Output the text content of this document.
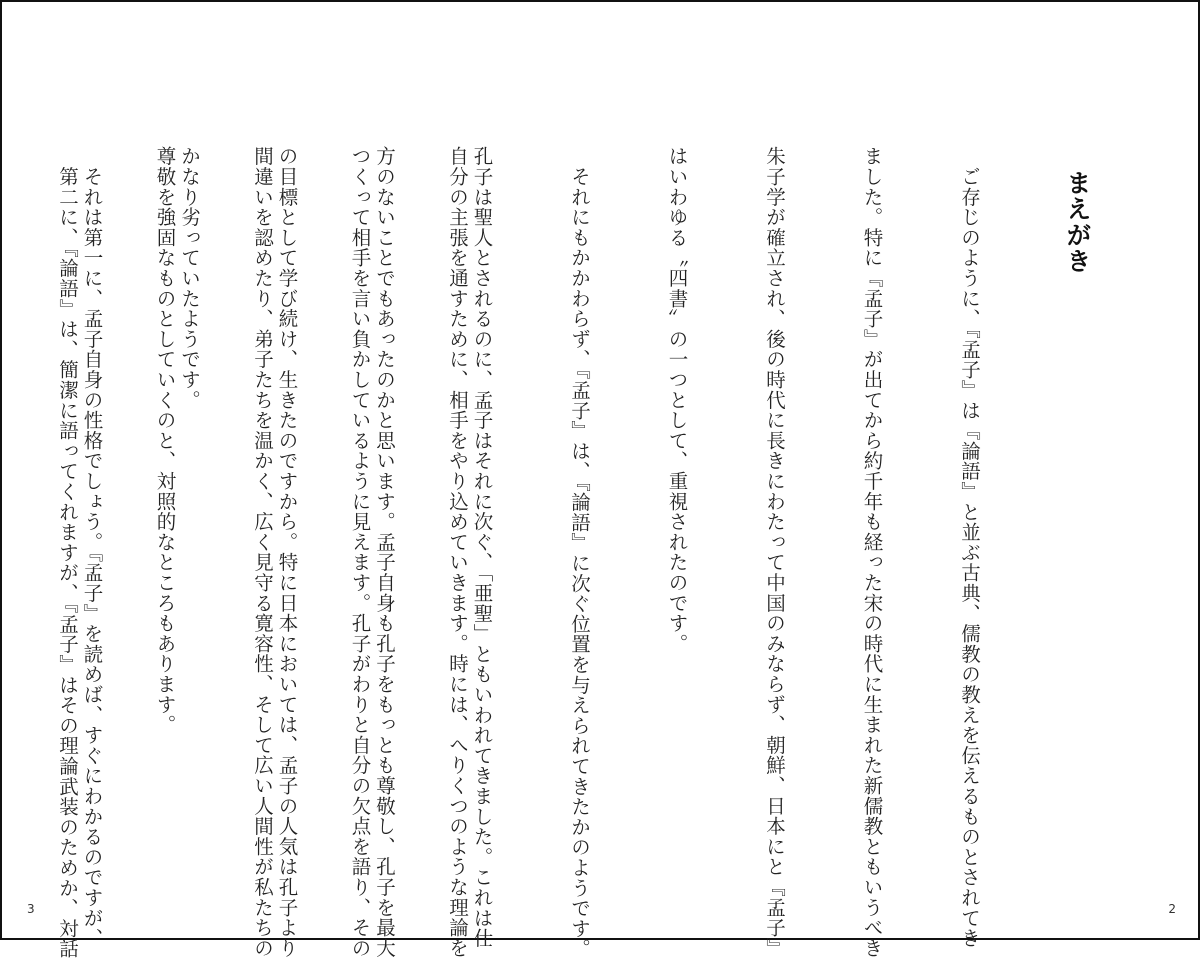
まえがき

　ご存じのように、『孟子』は『論語』と並ぶ古典、儒教の教えを伝えるものとされてき

ました。特に『孟子』が出てから約千年も経った宋の時代に生まれた新儒教ともいうべき

朱子学が確立され、後の時代に長きにわたって中国のみならず、朝鮮、日本にと『孟子』

はいわゆる〝四書〟の一つとして、重視されたのです。

　それにもかかわらず、『孟子』は、『論語』に次ぐ位置を与えられてきたかのようです。

孔子は聖人とされるのに、孟子はそれに次ぐ、「亜聖」ともいわれてきました。これは仕

方のないことでもあったのかと思います。孟子自身も孔子をもっとも尊敬し、孔子を最大

の目標として学び続け、生きたのですから。特に日本においては、孟子の人気は孔子より

かなり劣っていたようです。

　それは第一に、孟子自身の性格でしょう。『孟子』を読めば、すぐにわかるのですが、

	2

自分の主張を通すために、相手をやり込めていきます。時には、へりくつのような理論を

つくって相手を言い負かしているように見えます。孔子がわりと自分の欠点を語り、その

間違いを認めたり、弟子たちを温かく、広く見守る寛容性、そして広い人間性が私たちの

尊敬を強固なものとしていくのと、対照的なところもあります。

　第二に、『論語』は、簡潔に語ってくれますが、『孟子』はその理論武装のためか、対話

3
